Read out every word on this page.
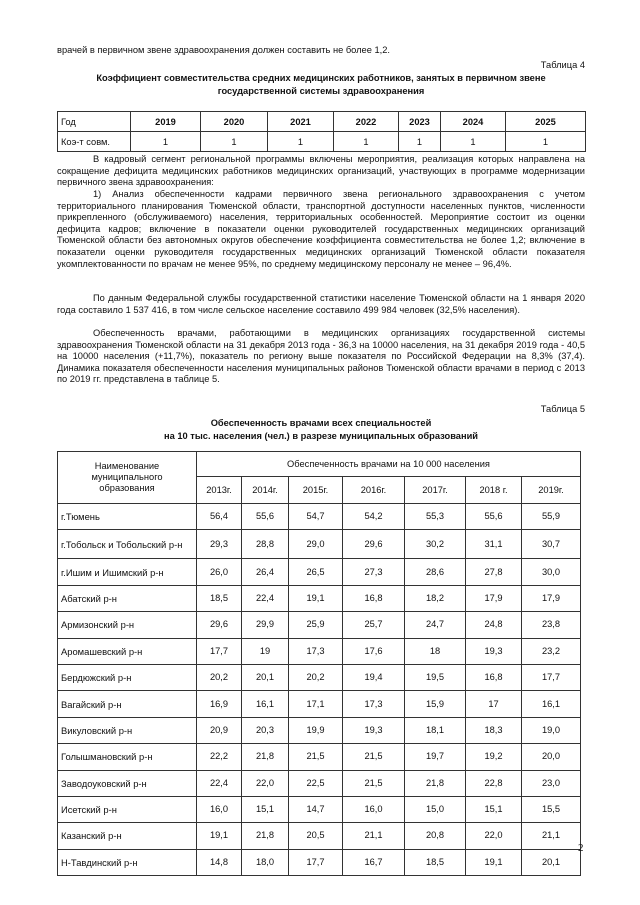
врачей в первичном звене здравоохранения должен составить не более 1,2.
Таблица 4
Коэффициент совместительства средних медицинских работников, занятых в первичном звене государственной системы здравоохранения
Год	2019	2020	2021	2022	2023	2024	2025
Коэ-т совм.	1	1	1	1	1	1	1
В кадровый сегмент региональной программы включены мероприятия, реализация которых направлена на сокращение дефицита медицинских работников медицинских организаций, участвующих в программе модернизации первичного звена здравоохранения:
1) Анализ обеспеченности кадрами первичного звена регионального здравоохранения с учетом территориального планирования Тюменской области, транспортной доступности населенных пунктов, численности прикрепленного (обслуживаемого) населения, территориальных особенностей. Мероприятие состоит из оценки дефицита кадров; включение в показатели оценки руководителей государственных медицинских организаций Тюменской области без автономных округов обеспечение коэффициента совместительства не более 1,2; включение в показатели оценки руководителя государственных медицинских организаций Тюменской области показателя укомплектованности по врачам не менее 95%, по среднему медицинскому персоналу не менее – 96,4%.
По данным Федеральной службы государственной статистики население Тюменской области на 1 января 2020 года составило 1 537 416, в том числе сельское население составило 499 984 человек (32,5% населения).
Обеспеченность врачами, работающими в медицинских организациях государственной системы здравоохранения Тюменской области на 31 декабря 2013 года - 36,3 на 10000 населения, на 31 декабря 2019 года - 40,5 на 10000 населения (+11,7%), показатель по региону выше показателя по Российской Федерации на 8,3% (37,4). Динамика показателя обеспеченности населения муниципальных районов Тюменской области врачами в период с 2013 по 2019 гг. представлена в таблице 5.
Таблица 5
Обеспеченность врачами всех специальностей
на 10 тыс. населения (чел.) в разрезе муниципальных образований
Наименование муниципального образования	Обеспеченность врачами на 10 000 населения						
	2013г.	2014г.	2015г.	2016г.	2017г.	2018 г.	2019г.
г.Тюмень	56,4	55,6	54,7	54,2	55,3	55,6	55,9
г.Тобольск и Тобольский р-н	29,3	28,8	29,0	29,6	30,2	31,1	30,7
г.Ишим и Ишимский р-н	26,0	26,4	26,5	27,3	28,6	27,8	30,0
Абатский р-н	18,5	22,4	19,1	16,8	18,2	17,9	17,9
Армизонский р-н	29,6	29,9	25,9	25,7	24,7	24,8	23,8
Аромашевский р-н	17,7	19	17,3	17,6	18	19,3	23,2
Бердюжский р-н	20,2	20,1	20,2	19,4	19,5	16,8	17,7
Вагайский р-н	16,9	16,1	17,1	17,3	15,9	17	16,1
Викуловский р-н	20,9	20,3	19,9	19,3	18,1	18,3	19,0
Голышмановский р-н	22,2	21,8	21,5	21,5	19,7	19,2	20,0
Заводоуковский р-н	22,4	22,0	22,5	21,5	21,8	22,8	23,0
Исетский р-н	16,0	15,1	14,7	16,0	15,0	15,1	15,5
Казанский р-н	19,1	21,8	20,5	21,1	20,8	22,0	21,1
Н-Тавдинский р-н	14,8	18,0	17,7	16,7	18,5	19,1	20,1
2
